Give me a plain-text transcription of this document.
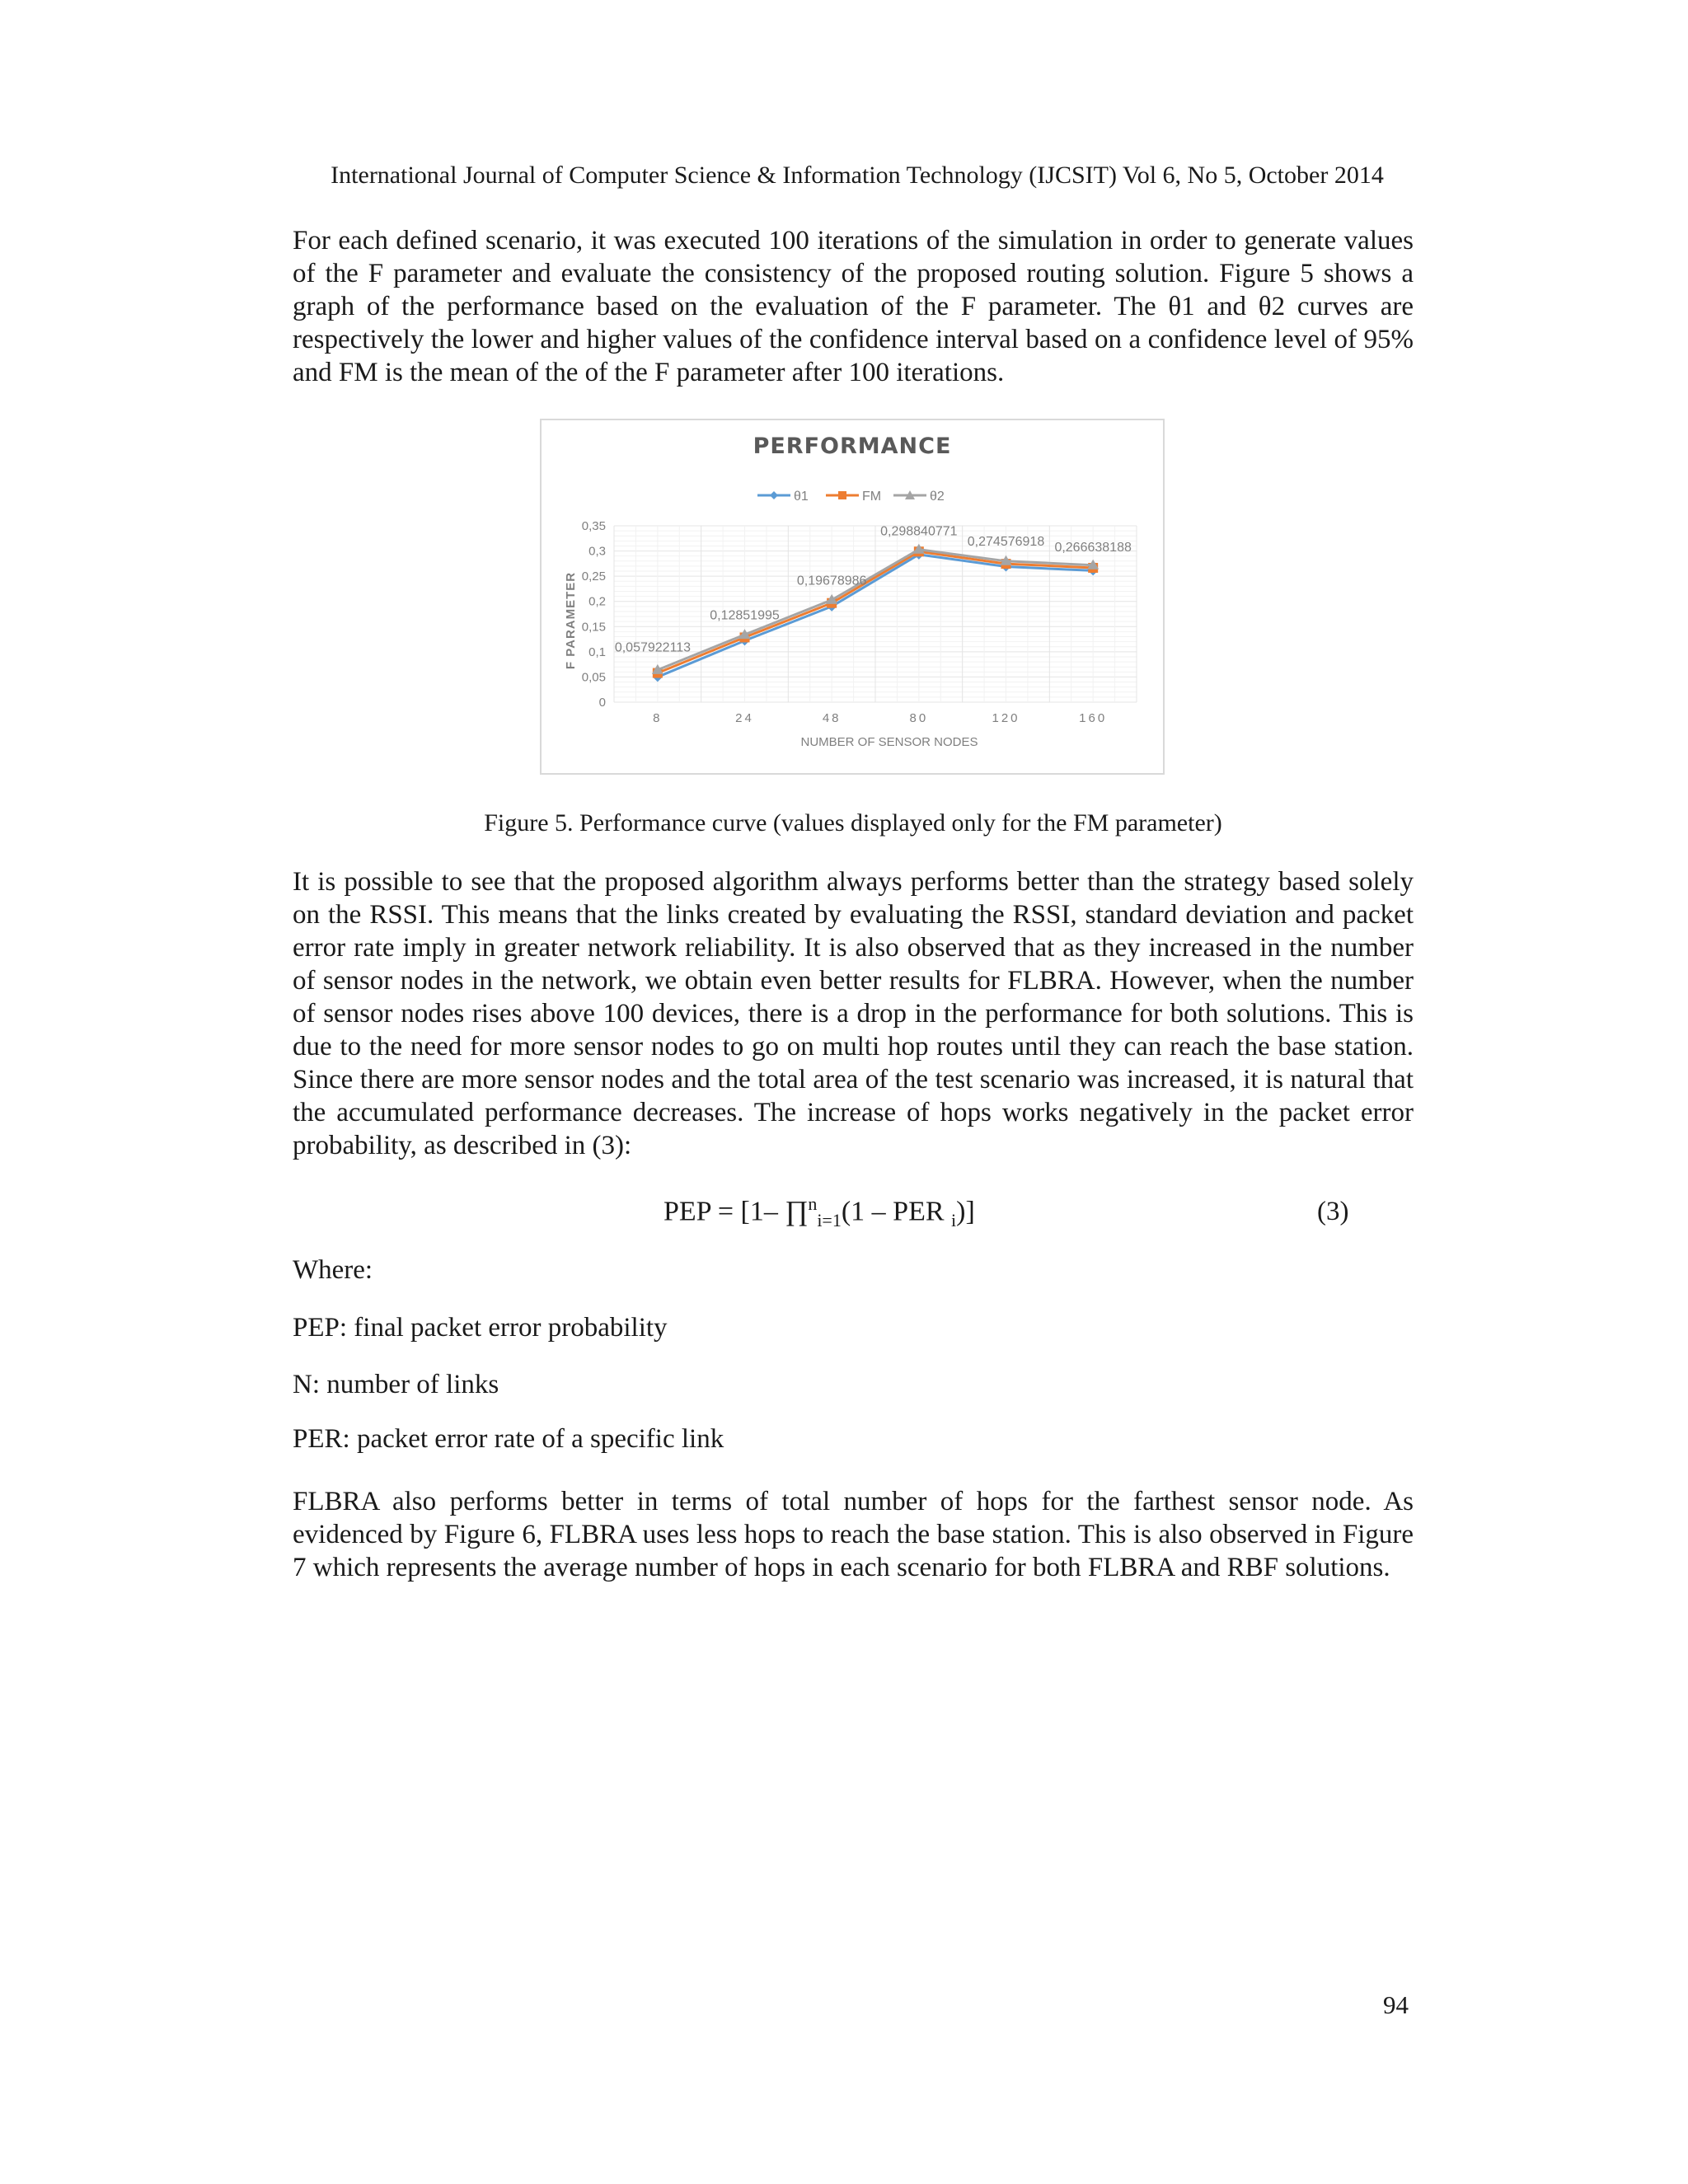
International Journal of Computer Science & Information Technology (IJCSIT) Vol 6, No 5, October 2014

For each defined scenario, it was executed 100 iterations of the simulation in order to generate values of the F parameter and evaluate the consistency of the proposed routing solution. Figure 5 shows a graph of the performance based on the evaluation of the F parameter. The θ1 and θ2 curves are respectively the lower and higher values of the confidence interval based on a confidence level of 95% and FM is the mean of the of the F parameter after 100 iterations.

PERFORMANCE
θ1	FM	θ2
0
0,05
0,1
0,15
0,2
0,25
0,3
0,35
8	24	48	80	120	160
0,057922113
0,12851995
0,19678986
0,298840771
0,274576918 0,266638188
NUMBER OF SENSOR NODES
F PARAMETER
Figure 5. Performance curve (values displayed only for the FM parameter)

It is possible to see that the proposed algorithm always performs better than the strategy based solely on the RSSI. This means that the links created by evaluating the RSSI, standard deviation and packet error rate imply in greater network reliability. It is also observed that as they increased in the number of sensor nodes in the network, we obtain even better results for FLBRA. However, when the number of sensor nodes rises above 100 devices, there is a drop in the performance for both solutions. This is due to the need for more sensor nodes to go on multi hop routes until they can reach the base station. Since there are more sensor nodes and the total area of the test scenario was increased, it is natural that the accumulated performance decreases. The increase of hops works negatively in the packet error probability, as described in (3):

PEP = [1– ∏$^n_{i=1}$(1 – PER $_i$)]	(3)
Where:
PEP: final packet error probability
N: number of links
PER: packet error rate of a specific link

FLBRA also performs better in terms of total number of hops for the farthest sensor node. As evidenced by Figure 6, FLBRA uses less hops to reach the base station. This is also observed in Figure 7 which represents the average number of hops in each scenario for both FLBRA and RBF solutions.

94
